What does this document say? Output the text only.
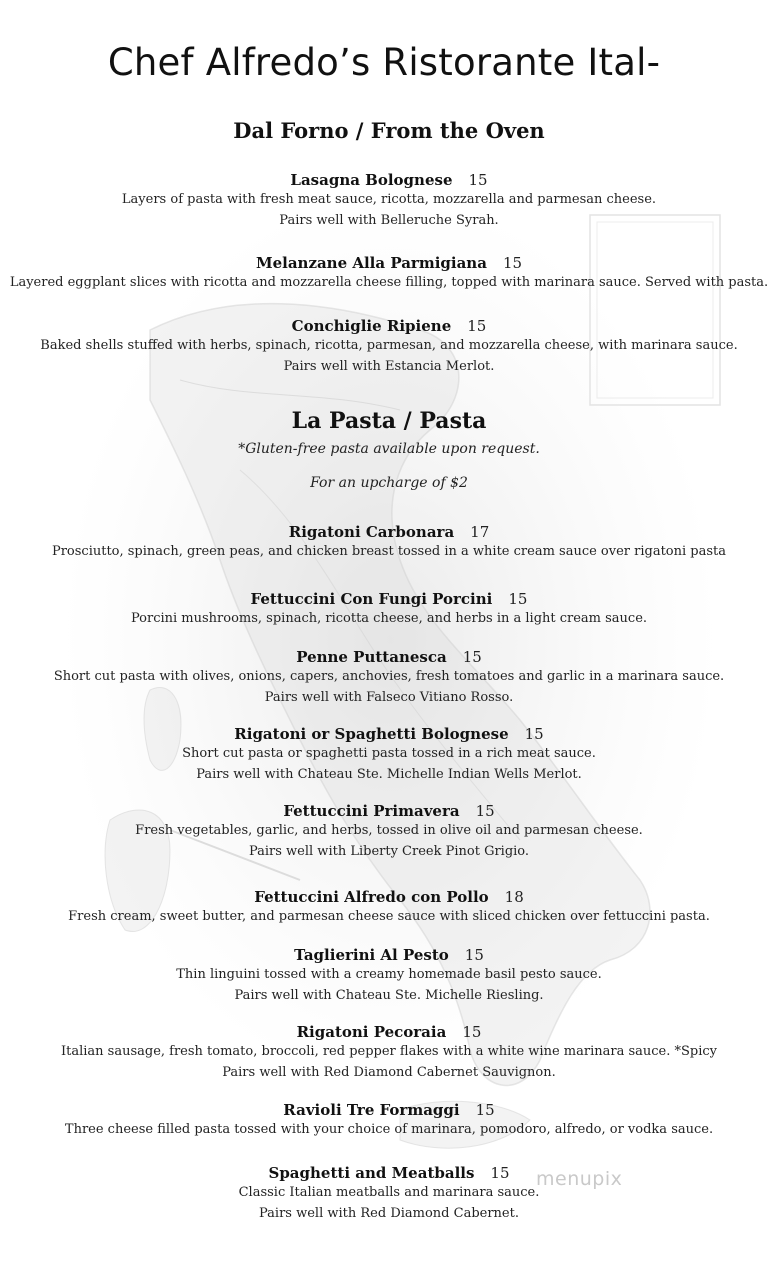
Chef Alfredo’s Ristorante Ital-
Dal Forno / From the Oven
Lasagna Bolognese 15
Layers of pasta with fresh meat sauce, ricotta, mozzarella and parmesan cheese.
Pairs well with Belleruche Syrah.
Melanzane Alla Parmigiana 15
Layered eggplant slices with ricotta and mozzarella cheese filling, topped with marinara sauce. Served with pasta.
Conchiglie Ripiene 15
Baked shells stuffed with herbs, spinach, ricotta, parmesan, and mozzarella cheese, with marinara sauce.
Pairs well with Estancia Merlot.
La Pasta / Pasta
*Gluten-free pasta available upon request.
For an upcharge of $2
Rigatoni Carbonara 17
Prosciutto, spinach, green peas, and chicken breast tossed in a white cream sauce over rigatoni pasta
Fettuccini Con Fungi Porcini 15
Porcini mushrooms, spinach, ricotta cheese, and herbs in a light cream sauce.
Penne Puttanesca 15
Short cut pasta with olives, onions, capers, anchovies, fresh tomatoes and garlic in a marinara sauce.
Pairs well with Falseco Vitiano Rosso.
Rigatoni or Spaghetti Bolognese 15
Short cut pasta or spaghetti pasta tossed in a rich meat sauce.
Pairs well with Chateau Ste. Michelle Indian Wells Merlot.
Fettuccini Primavera 15
Fresh vegetables, garlic, and herbs, tossed in olive oil and parmesan cheese.
Pairs well with Liberty Creek Pinot Grigio.
Fettuccini Alfredo con Pollo 18
Fresh cream, sweet butter, and parmesan cheese sauce with sliced chicken over fettuccini pasta.
Taglierini Al Pesto 15
Thin linguini tossed with a creamy homemade basil pesto sauce.
Pairs well with Chateau Ste. Michelle Riesling.
Rigatoni Pecoraia 15
Italian sausage, fresh tomato, broccoli, red pepper flakes with a white wine marinara sauce. *Spicy
Pairs well with Red Diamond Cabernet Sauvignon.
Ravioli Tre Formaggi 15
Three cheese filled pasta tossed with your choice of marinara, pomodoro, alfredo, or vodka sauce.
Spaghetti and Meatballs 15
Classic Italian meatballs and marinara sauce.
Pairs well with Red Diamond Cabernet.
menupix
